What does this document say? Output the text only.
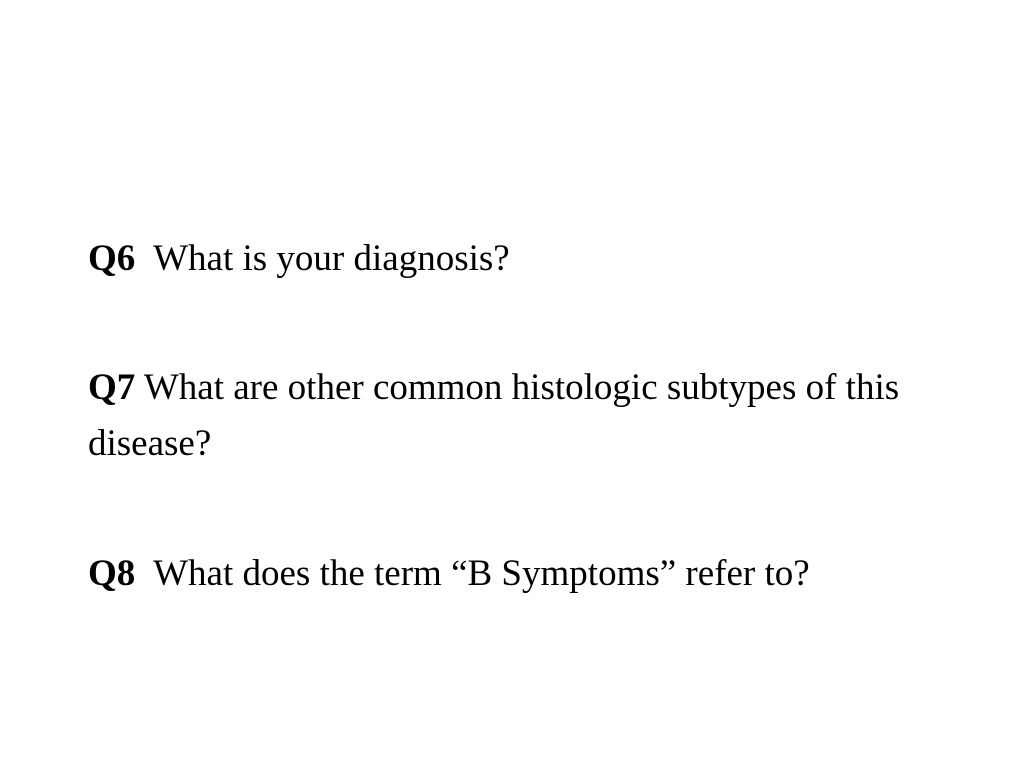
Q6 What is your diagnosis?

Q7 What are other common histologic subtypes of this disease?

Q8 What does the term “B Symptoms” refer to?
